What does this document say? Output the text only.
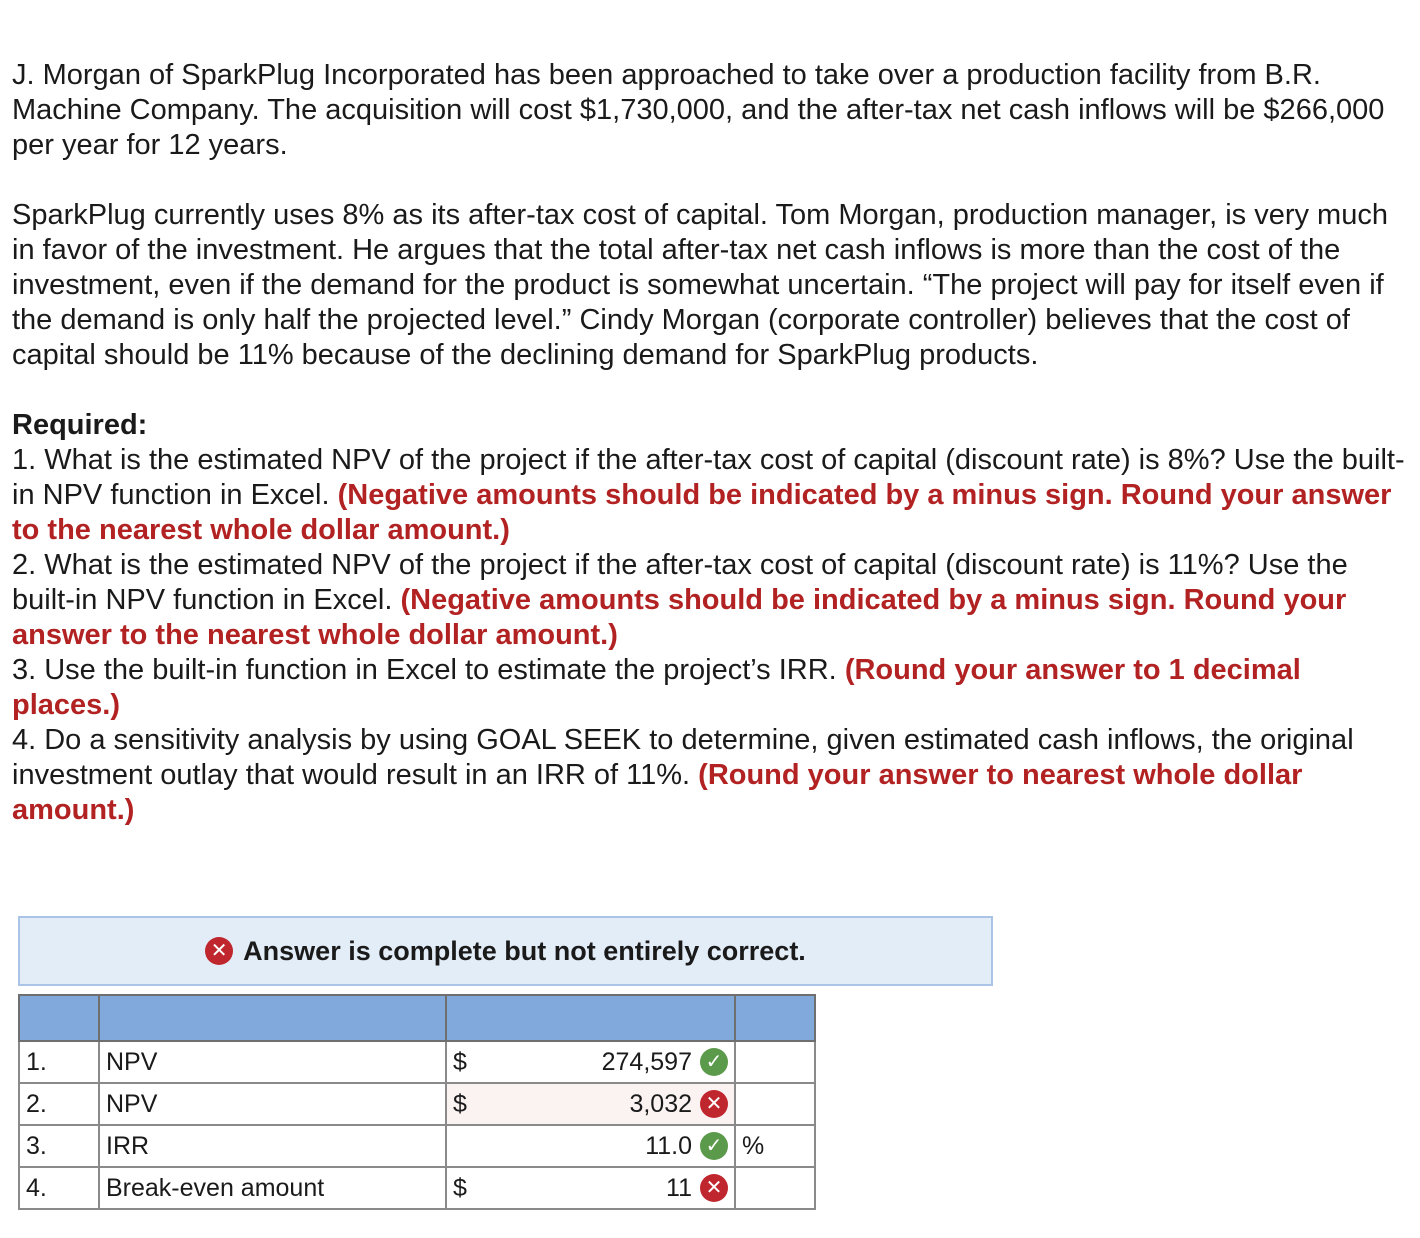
J. Morgan of SparkPlug Incorporated has been approached to take over a production facility from B.R. Machine Company. The acquisition will cost $1,730,000, and the after-tax net cash inflows will be $266,000 per year for 12 years.

SparkPlug currently uses 8% as its after-tax cost of capital. Tom Morgan, production manager, is very much in favor of the investment. He argues that the total after-tax net cash inflows is more than the cost of the investment, even if the demand for the product is somewhat uncertain. “The project will pay for itself even if the demand is only half the projected level.” Cindy Morgan (corporate controller) believes that the cost of capital should be 11% because of the declining demand for SparkPlug products.

Required:

1. What is the estimated NPV of the project if the after-tax cost of capital (discount rate) is 8%? Use the built-in NPV function in Excel. (Negative amounts should be indicated by a minus sign. Round your answer to the nearest whole dollar amount.)

2. What is the estimated NPV of the project if the after-tax cost of capital (discount rate) is 11%? Use the built-in NPV function in Excel. (Negative amounts should be indicated by a minus sign. Round your answer to the nearest whole dollar amount.)

3. Use the built-in function in Excel to estimate the project’s IRR. (Round your answer to 1 decimal places.)

4. Do a sensitivity analysis by using GOAL SEEK to determine, given estimated cash inflows, the original investment outlay that would result in an IRR of 11%. (Round your answer to nearest whole dollar amount.)

✕ Answer is complete but not entirely correct.

1.	NPV	$	274,597 ✓	

2.	NPV	$	3,032 ✕	

3.	IRR		11.0 ✓	%
4.	Break-even amount	$	11 ✕	
